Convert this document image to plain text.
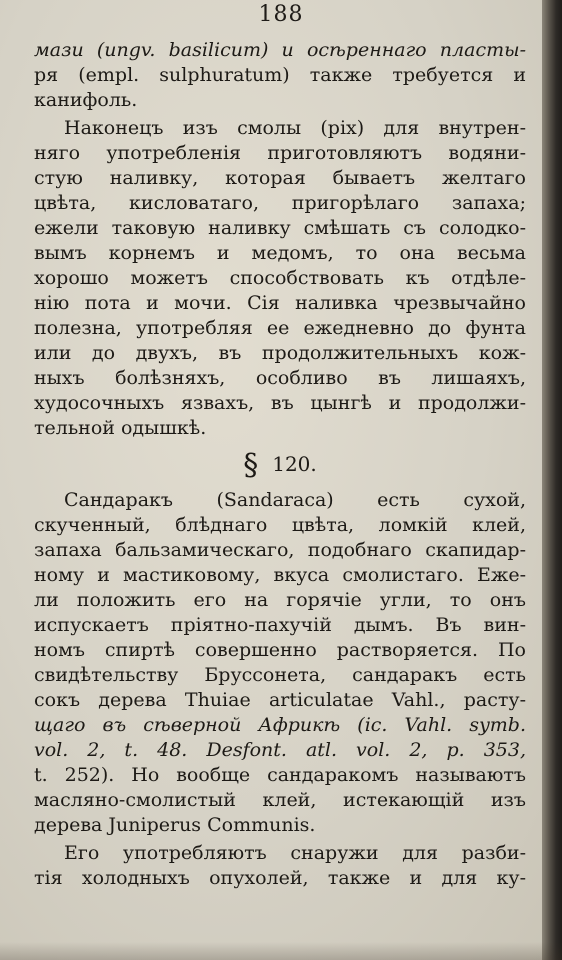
188
мази (ungv. basilicum) и осѣреннаго пласты-
ря (empl. sulphuratum) также требуется и
канифоль.
Наконецъ изъ смолы (pix) для внутрен-
няго употребленія приготовляютъ водяни-
стую наливку, которая бываетъ желтаго
цвѣта, кисловатаго, пригорѣлаго запаха;
ежели таковую наливку смѣшать съ солодко-
вымъ корнемъ и медомъ, то она весьма
хорошо можетъ способствовать къ отдѣле-
нію пота и мочи. Сія наливка чрезвычайно
полезна, употребляя ее ежедневно до фунта
или до двухъ, въ продолжительныхъ кож-
ныхъ болѣзняхъ, особливо въ лишаяхъ,
худосочныхъ язвахъ, въ цынгѣ и продолжи-
тельной одышкѣ.
§ 120.
Сандаракъ (Sandaraca) есть сухой,
скученный, блѣднаго цвѣта, ломкій клей,
запаха бальзамическаго, подобнаго скапидар-
ному и мастиковому, вкуса смолистаго. Еже-
ли положить его на горячіе угли, то онъ
испускаетъ пріятно-пахучій дымъ. Въ вин-
номъ спиртѣ совершенно растворяется. По
свидѣтельству Бруссонета, сандаракъ есть
сокъ дерева Thuiae articulatae Vahl., расту-
щаго въ сѣверной Африкѣ (ic. Vahl. symb.
vol. 2, t. 48. Desfont. atl. vol. 2, p. 353,
t. 252). Но вообще сандаракомъ называютъ
масляно-смолистый клей, истекающій изъ
дерева Juniperus Communis.
Его употребляютъ снаружи для разби-
тія холодныхъ опухолей, также и для ку-
